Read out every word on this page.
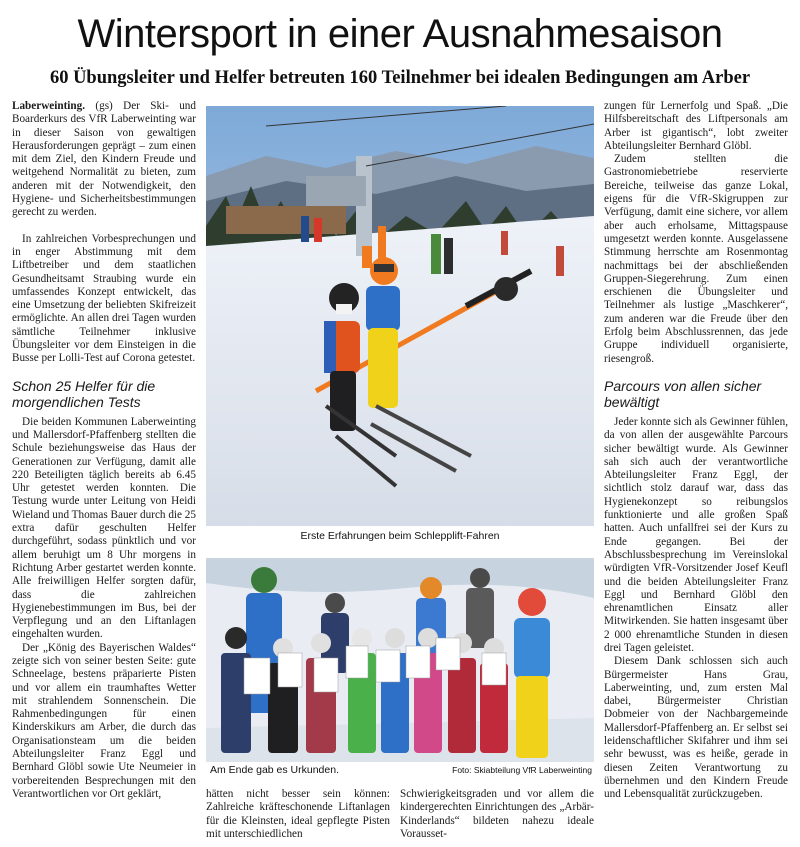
Wintersport in einer Ausnahmesaison
60 Übungsleiter und Helfer betreuten 160 Teilnehmer bei idealen Bedingungen am Arber

Laberweinting. (gs) Der Ski- und Boarderkurs des VfR Laberweinting war in dieser Saison von gewaltigen Herausforderungen geprägt – zum einen mit dem Ziel, den Kindern Freude und weitgehend Normalität zu bieten, zum anderen mit der Notwendigkeit, den Hygiene- und Sicherheitsbestimmungen gerecht zu werden.

In zahlreichen Vorbesprechungen und in enger Abstimmung mit dem Liftbetreiber und dem staatlichen Gesundheitsamt Straubing wurde ein umfassendes Konzept entwickelt, das eine Umsetzung der beliebten Skifreizeit ermöglichte. An allen drei Tagen wurden sämtliche Teilnehmer inklusive Übungsleiter vor dem Einsteigen in die Busse per Lolli-Test auf Corona getestet.

Schon 25 Helfer für die morgendlichen Tests

Die beiden Kommunen Laberweinting und Mallersdorf-Pfaffenberg stellten die Schule beziehungsweise das Haus der Generationen zur Verfügung, damit alle 220 Beteiligten täglich bereits ab 6.45 Uhr getestet werden konnten. Die Testung wurde unter Leitung von Heidi Wieland und Thomas Bauer durch die 25 extra dafür geschulten Helfer durchgeführt, sodass pünktlich und vor allem beruhigt um 8 Uhr morgens in Richtung Arber gestartet werden konnte. Alle freiwilligen Helfer sorgten dafür, dass die zahlreichen Hygienebestimmungen im Bus, bei der Verpflegung und an den Liftanlagen eingehalten wurden.

Der „König des Bayerischen Waldes“ zeigte sich von seiner besten Seite: gute Schneelage, bestens präparierte Pisten und vor allem ein traumhaftes Wetter mit strahlendem Sonnenschein. Die Rahmenbedingungen für einen Kinderskikurs am Arber, die durch das Organisationsteam um die beiden Abteilungsleiter Franz Eggl und Bernhard Glöbl sowie Ute Neumeier in vorbereitenden Besprechungen mit den Verantwortlichen vor Ort geklärt,

Erste Erfahrungen beim Schlepplift-Fahren
Am Ende gab es Urkunden.	Foto: Skiabteilung VfR Laberweinting

hätten nicht besser sein können: Zahlreiche kräfteschonende Liftanlagen für die Kleinsten, ideal gepflegte Pisten mit unterschiedlichen

Schwierigkeitsgraden und vor allem die kindergerechten Einrichtungen des „Arbär-Kinderlands“ bildeten nahezu ideale Vorausset-

zungen für Lernerfolg und Spaß. „Die Hilfsbereitschaft des Liftpersonals am Arber ist gigantisch“, lobt zweiter Abteilungsleiter Bernhard Glöbl.

Zudem stellten die Gastronomiebetriebe reservierte Bereiche, teilweise das ganze Lokal, eigens für die VfR-Skigruppen zur Verfügung, damit eine sichere, vor allem aber auch erholsame, Mittagspause umgesetzt werden konnte. Ausgelassene Stimmung herrschte am Rosenmontag nachmittags bei der abschließenden Gruppen-Siegerehrung. Zum einen erschienen die Übungsleiter und Teilnehmer als lustige „Maschkerer“, zum anderen war die Freude über den Erfolg beim Abschlussrennen, das jede Gruppe individuell organisierte, riesengroß.

Parcours von allen sicher bewältigt

Jeder konnte sich als Gewinner fühlen, da von allen der ausgewählte Parcours sicher bewältigt wurde. Als Gewinner sah sich auch der verantwortliche Abteilungsleiter Franz Eggl, der sichtlich stolz darauf war, dass das Hygienekonzept so reibungslos funktionierte und alle großen Spaß hatten. Auch unfallfrei sei der Kurs zu Ende gegangen. Bei der Abschlussbesprechung im Vereinslokal würdigten VfR-Vorsitzender Josef Keufl und die beiden Abteilungsleiter Franz Eggl und Bernhard Glöbl den ehrenamtlichen Einsatz aller Mitwirkenden. Sie hatten insgesamt über 2 000 ehrenamtliche Stunden in diesen drei Tagen geleistet.

Diesem Dank schlossen sich auch Bürgermeister Hans Grau, Laberweinting, und, zum ersten Mal dabei, Bürgermeister Christian Dobmeier von der Nachbargemeinde Mallersdorf-Pfaffenberg an. Er selbst sei leidenschaftlicher Skifahrer und ihm sei sehr bewusst, was es heiße, gerade in diesen Zeiten Verantwortung zu übernehmen und den Kindern Freude und Lebensqualität zurückzugeben.
